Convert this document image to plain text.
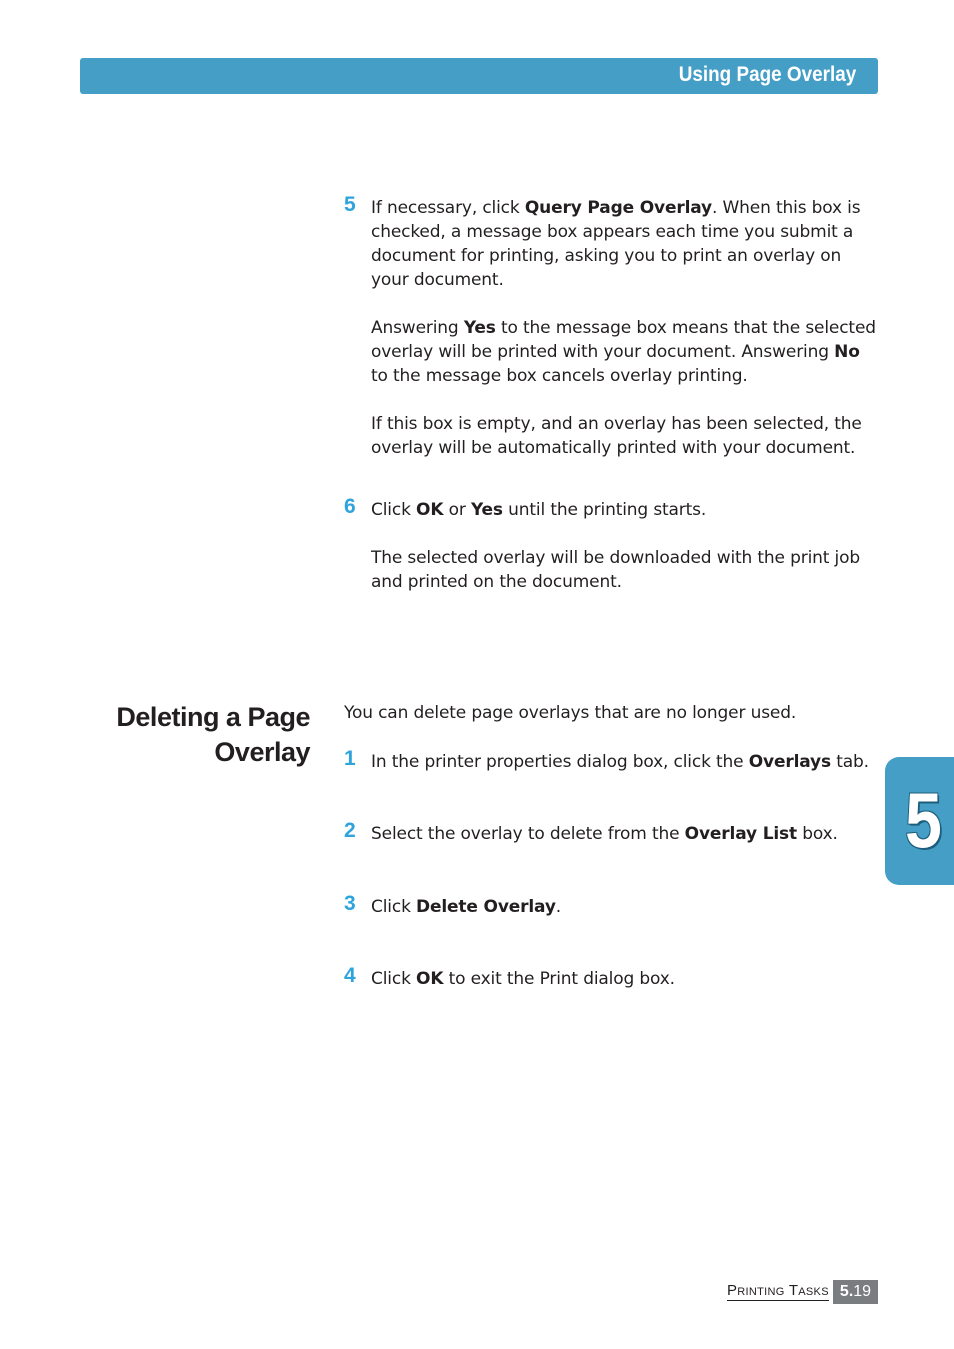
Using Page Overlay
5 If necessary, click Query Page Overlay. When this box is checked, a message box appears each time you submit a document for printing, asking you to print an overlay on your document.
Answering Yes to the message box means that the selected overlay will be printed with your document. Answering No to the message box cancels overlay printing.
If this box is empty, and an overlay has been selected, the overlay will be automatically printed with your document.
6 Click OK or Yes until the printing starts.
The selected overlay will be downloaded with the print job and printed on the document.
Deleting a Page
Overlay
You can delete page overlays that are no longer used.
1 In the printer properties dialog box, click the Overlays tab.
2 Select the overlay to delete from the Overlay List box.
3 Click Delete Overlay.
4 Click OK to exit the Print dialog box.
5
Printing Tasks 5.19
